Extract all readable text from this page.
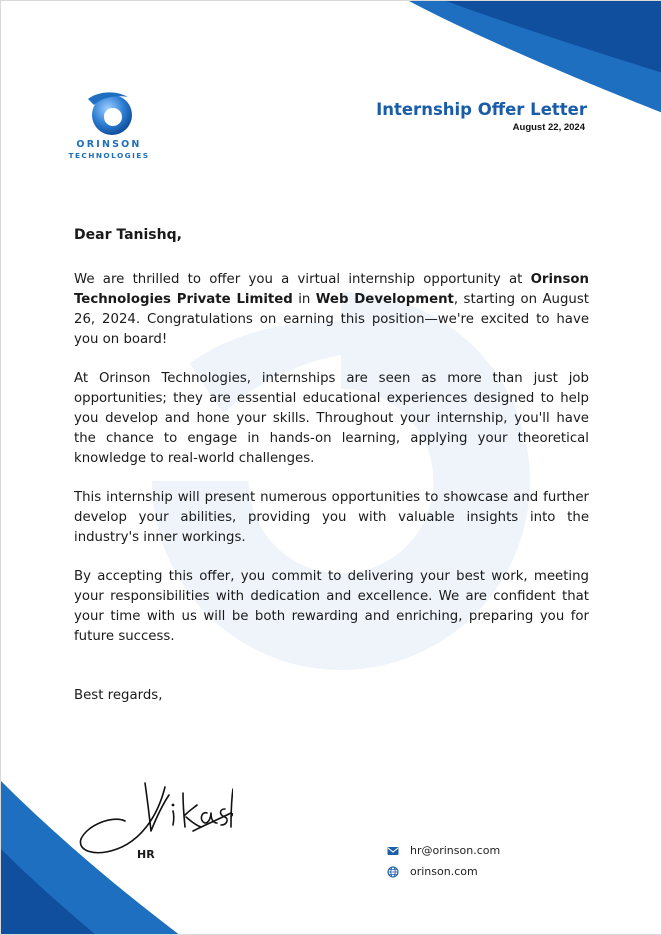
ORINSON
TECHNOLOGIES
Internship Offer Letter
August 22, 2024

Dear Tanishq,

We are thrilled to offer you a virtual internship opportunity at Orinson Technologies Private Limited in Web Development, starting on August 26, 2024. Congratulations on earning this position—we're excited to have you on board!

At Orinson Technologies, internships are seen as more than just job opportunities; they are essential educational experiences designed to help you develop and hone your skills. Throughout your internship, you'll have the chance to engage in hands-on learning, applying your theoretical knowledge to real-world challenges.

This internship will present numerous opportunities to showcase and further develop your abilities, providing you with valuable insights into the industry's inner workings.

By accepting this offer, you commit to delivering your best work, meeting your responsibilities with dedication and excellence. We are confident that your time with us will be both rewarding and enriching, preparing you for future success.

Best regards,

HR	hr@orinson.com
orinson.com
